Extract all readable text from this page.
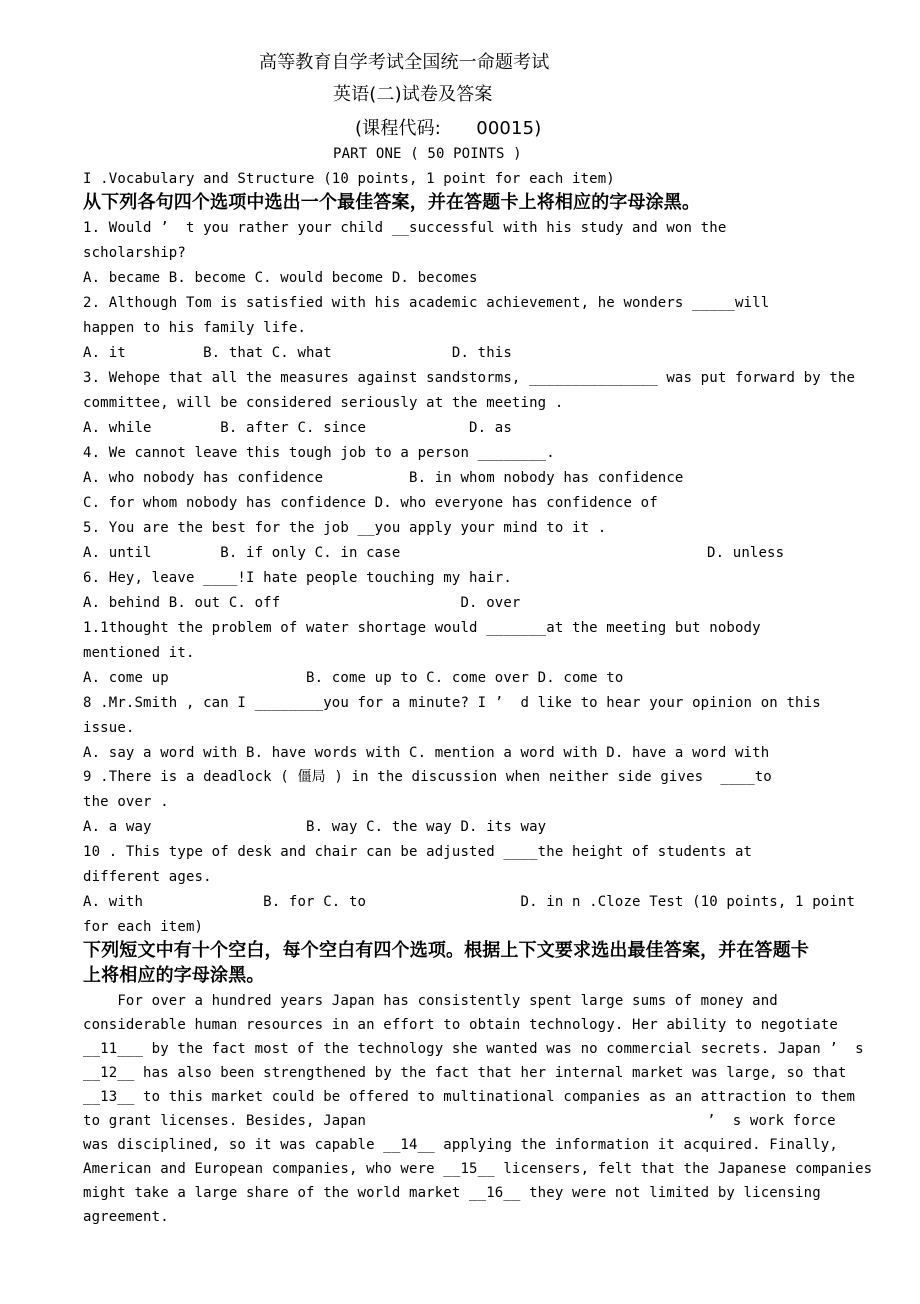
高等教育自学考试全国统一命题考试
英语(二)试卷及答案
(课程代码:      00015)
PART ONE ( 50 POINTS )
I .Vocabulary and Structure (10 points, 1 point for each item)
从下列各句四个选项中选出一个最佳答案，并在答题卡上将相应的字母涂黑。
1. Would ’  t you rather your child __successful with his study and won the
scholarship?
A. became B. become C. would become D. becomes
2. Although Tom is satisfied with his academic achievement, he wonders _____will
happen to his family life.
A. it         B. that C. what              D. this
3. Wehope that all the measures against sandstorms, _______________ was put forward by the
committee, will be considered seriously at the meeting .
A. while        B. after C. since            D. as
4. We cannot leave this tough job to a person ________.
A. who nobody has confidence          B. in whom nobody has confidence
C. for whom nobody has confidence D. who everyone has confidence of
5. You are the best for the job __you apply your mind to it .
A. until        B. if only C. in case	D. unless
6. Hey, leave ____!I hate people touching my hair.
A. behind B. out C. off                     D. over
1.1thought the problem of water shortage would _______at the meeting but nobody
mentioned it.
A. come up                B. come up to C. come over D. come to
8 .Mr.Smith , can I ________you for a minute? I ’  d like to hear your opinion on this
issue.
A. say a word with B. have words with C. mention a word with D. have a word with
9 .There is a deadlock ( 僵局 ) in the discussion when neither side gives  ____to
the over .
A. a way                  B. way C. the way D. its way
10 . This type of desk and chair can be adjusted ____the height of students at
different ages.
A. with              B. for C. to                  D. in n .Cloze Test (10 points, 1 point
for each item)
下列短文中有十个空白，每个空白有四个选项。根据上下文要求选出最佳答案，并在答题卡
上将相应的字母涂黑。
For over a hundred years Japan has consistently spent large sums of money and
considerable human resources in an effort to obtain technology. Her ability to negotiate
__11___ by the fact most of the technology she wanted was no commercial secrets. Japan ’  s
__12__ has also been strengthened by the fact that her internal market was large, so that
__13__ to this market could be offered to multinational companies as an attraction to them
to grant licenses. Besides, Japan	’  s work force
was disciplined, so it was capable __14__ applying the information it acquired. Finally,
American and European companies, who were __15__ licensers, felt that the Japanese companies
might take a large share of the world market __16__ they were not limited by licensing
agreement.
